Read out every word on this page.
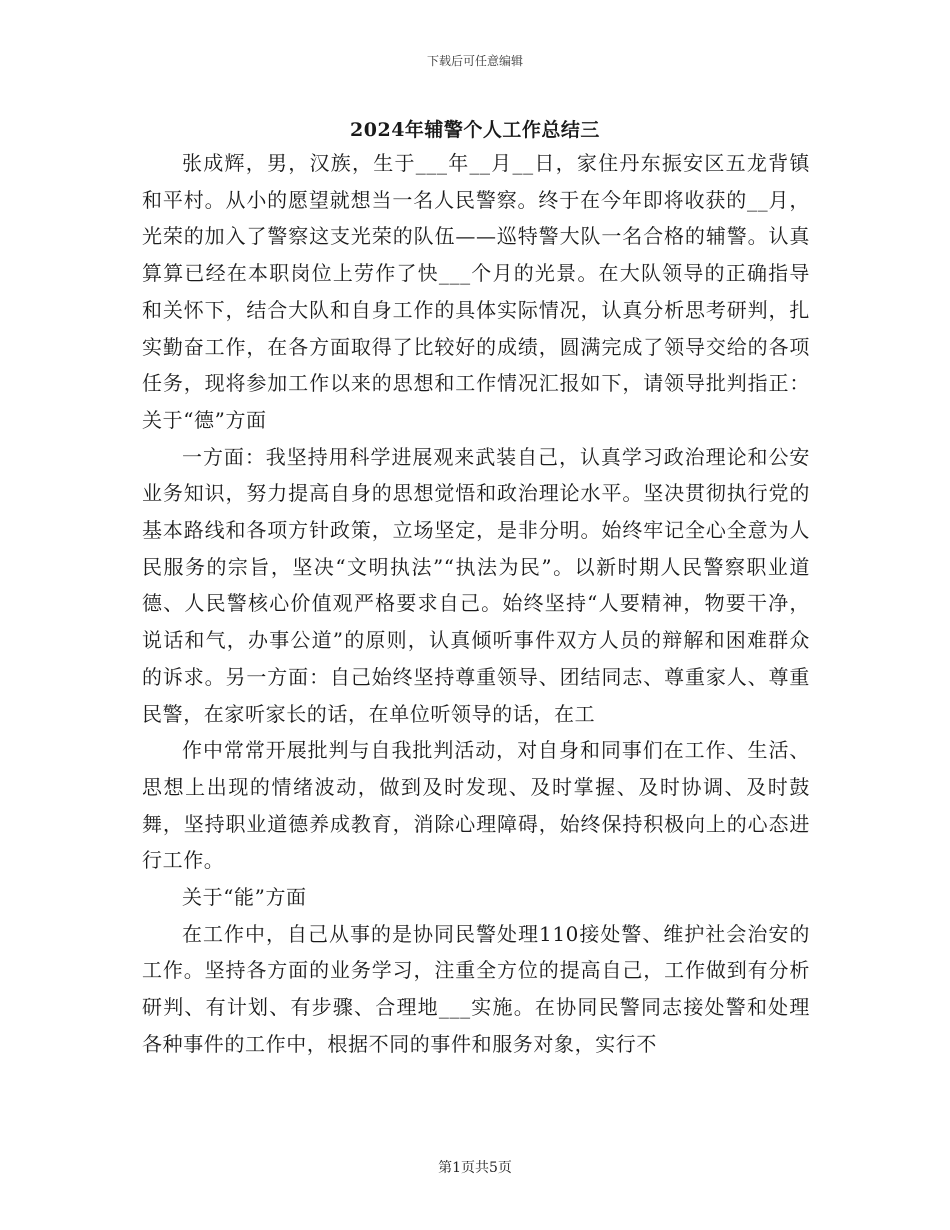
下载后可任意编辑
2024年辅警个人工作总结三

张成辉，男，汉族，生于___年__月__日，家住丹东振安区五龙背镇和平村。从小的愿望就想当一名人民警察。终于在今年即将收获的__月，光荣的加入了警察这支光荣的队伍——巡特警大队一名合格的辅警。认真算算已经在本职岗位上劳作了快___个月的光景。在大队领导的正确指导和关怀下，结合大队和自身工作的具体实际情况，认真分析思考研判，扎实勤奋工作，在各方面取得了比较好的成绩，圆满完成了领导交给的各项任务，现将参加工作以来的思想和工作情况汇报如下，请领导批判指正：关于“德”方面

一方面：我坚持用科学进展观来武装自己，认真学习政治理论和公安业务知识，努力提高自身的思想觉悟和政治理论水平。坚决贯彻执行党的基本路线和各项方针政策，立场坚定，是非分明。始终牢记全心全意为人民服务的宗旨，坚决“文明执法”“执法为民”。以新时期人民警察职业道德、人民警核心价值观严格要求自己。始终坚持“人要精神，物要干净，说话和气，办事公道”的原则，认真倾听事件双方人员的辩解和困难群众的诉求。另一方面：自己始终坚持尊重领导、团结同志、尊重家人、尊重民警，在家听家长的话，在单位听领导的话，在工

作中常常开展批判与自我批判活动，对自身和同事们在工作、生活、思想上出现的情绪波动，做到及时发现、及时掌握、及时协调、及时鼓舞，坚持职业道德养成教育，消除心理障碍，始终保持积极向上的心态进行工作。

关于“能”方面

在工作中，自己从事的是协同民警处理110接处警、维护社会治安的工作。坚持各方面的业务学习，注重全方位的提高自己，工作做到有分析研判、有计划、有步骤、合理地___实施。在协同民警同志接处警和处理各种事件的工作中，根据不同的事件和服务对象，实行不

第1页共5页
